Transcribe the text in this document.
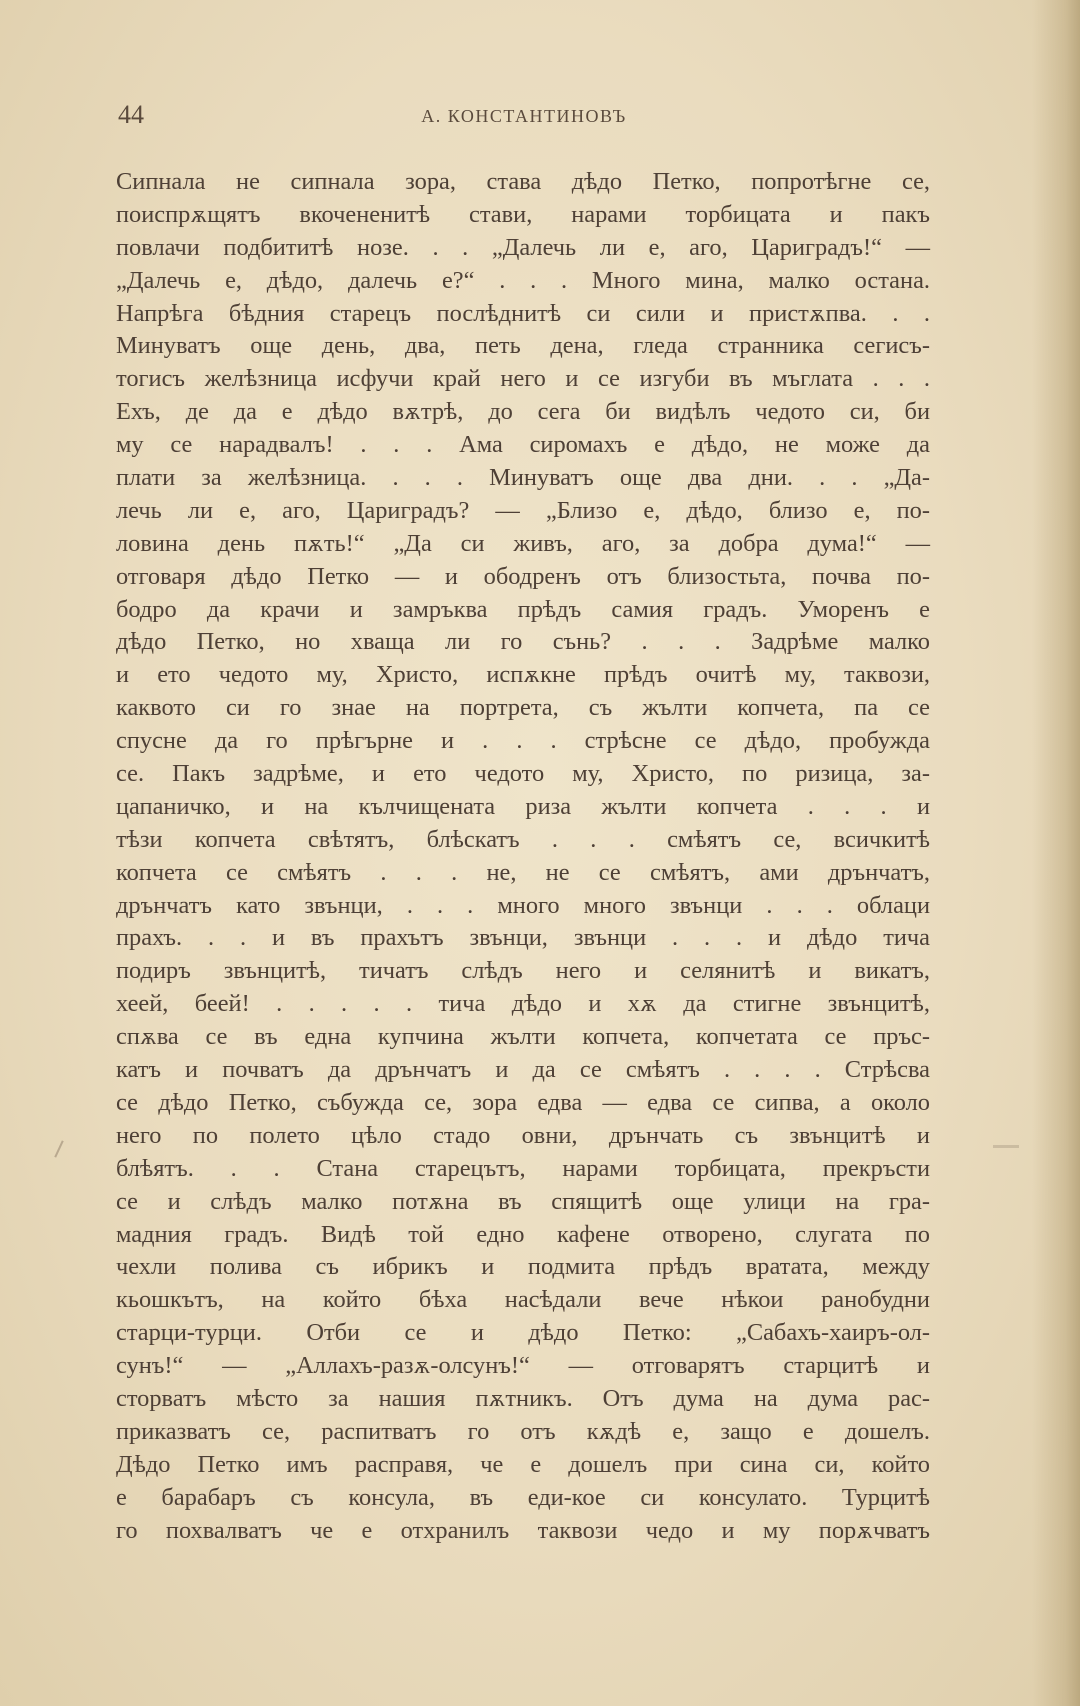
44	А. КОНСТАНТИНОВЪ
Сипнала не сипнала зора, става дѣдо Петко, попротѣгне се,
поиспрѫщятъ вкочененитѣ стави, нарами торбицата и пакъ
повлачи подбититѣ нозе. . . „Далечь ли е, аго, Цариградъ!“ —
„Далечь е, дѣдо, далечь е?“ . . . Много мина, малко остана.
Напрѣга бѣдния старецъ послѣднитѣ си сили и пристѫпва. . .
Минуватъ още день, два, петь дена, гледа странника сегисъ-
тогисъ желѣзница исфучи край него и се изгуби въ мъглата . . .
Ехъ, де да е дѣдо вѫтрѣ, до сега би видѣлъ чедото си, би
му се нарадвалъ! . . . Ама сиромахъ е дѣдо, не може да
плати за желѣзница. . . . Минуватъ още два дни. . . „Да-
лечь ли е, аго, Цариградъ? — „Близо е, дѣдо, близо е, по-
ловина день пѫть!“ „Да си живъ, аго, за добра дума!“ —
отговаря дѣдо Петко — и ободренъ отъ близостьта, почва по-
бодро да крачи и замръква прѣдъ самия градъ. Уморенъ е
дѣдо Петко, но хваща ли го сънь? . . . Задрѣме малко
и ето чедото му, Христо, испѫкне прѣдъ очитѣ му, таквози,
каквото си го знае на портрета, съ жълти копчета, па се
спусне да го прѣгърне и . . . стрѣсне се дѣдо, пробужда
се. Пакъ задрѣме, и ето чедото му, Христо, по ризица, за-
цапаничко, и на кълчищената риза жълти копчета . . . и
тѣзи копчета свѣтятъ, блѣскатъ . . . смѣятъ се, всичкитѣ
копчета се смѣятъ . . . не, не се смѣятъ, ами дрънчатъ,
дрънчатъ като звънци, . . . много много звънци . . . облаци
прахъ. . . и въ прахътъ звънци, звънци . . . и дѣдо тича
подиръ звънцитѣ, тичатъ слѣдъ него и селянитѣ и викатъ,
хеей, беей! . . . . . тича дѣдо и хѫ да стигне звънцитѣ,
спѫва се въ една купчина жълти копчета, копчетата се пръс-
катъ и почватъ да дрънчатъ и да се смѣятъ . . . . Стрѣсва
се дѣдо Петко, събужда се, зора едва — едва се сипва, а около
него по полето цѣло стадо овни, дрънчать съ звънцитѣ и
блѣятъ. . . Стана старецътъ, нарами торбицата, прекръсти
се и слѣдъ малко потѫна въ спящитѣ още улици на гра-
мадния градъ. Видѣ той едно кафене отворено, слугата по
чехли полива съ ибрикъ и подмита прѣдъ вратата, между
кьошкътъ, на който бѣха насѣдали вече нѣкои ранобудни
старци-турци. Отби се и дѣдо Петко: „Сабахъ-хаиръ-ол-
сунъ!“ — „Аллахъ-разѫ-олсунъ!“ — отговарятъ старцитѣ и
сторватъ мѣсто за нашия пѫтникъ. Отъ дума на дума рас-
приказватъ се, распитватъ го отъ кѫдѣ е, защо е дошелъ.
Дѣдо Петко имъ расправя, че е дошелъ при сина си, който
е барабаръ съ консула, въ еди-кое си консулато. Турцитѣ
го похвалватъ че е отхранилъ таквози чедо и му порѫчватъ
